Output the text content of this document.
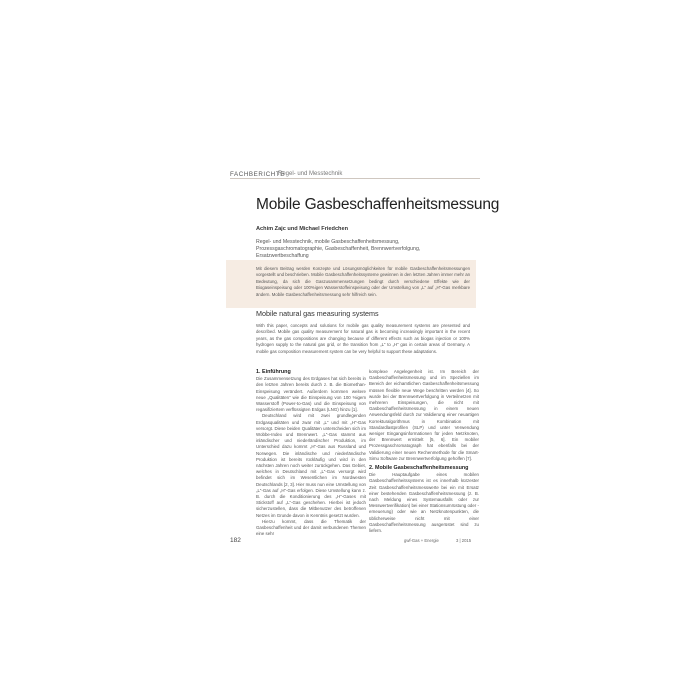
FACHBERICHTE
Regel- und Messtechnik
Mobile Gasbeschaffenheitsmessung
Achim Zajc und Michael Friedchen
Regel- und Messtechnik, mobile Gasbeschaffenheitsmessung, Prozessgaschromatographie, Gasbeschaffenheit, Brennwertverfolgung, Ersatzwertbeschaffung
Mit diesem Beitrag werden Konzepte und Lösungsmöglichkeiten für mobile Gasbeschaffenheitsmessungen vorgestellt und beschrieben. Mobile Gasbeschaffenheitssysteme gewinnen in den letzten Jahren immer mehr an Bedeutung, da sich die Gaszusammensetzungen bedingt durch verschiedene Effekte wie der Biogaseinspeisung oder 100%igen Wasserstoffeinspeisung oder der Umstellung von „L“ auf „H“-Gas merkbare ändern. Mobile Gasbeschaffenheitsmessung sehr hilfreich sein.
Mobile natural gas measuring systems
With this paper, concepts and solutions for mobile gas quality measurement systems are presented and described. Mobile gas quality measurement for natural gas is becoming increasingly important in the recent years, as the gas compositions are changing because of different effects such as biogas injection or 100% hydrogen supply to the natural gas grid, or the transition from „L“ to „H“ gas in certain areas of Germany. A mobile gas composition measurement system can be very helpful to support these adaptations.
1. Einführung

Die Zusammensetzung des Erdgases hat sich bereits in den letzten Jahren bereits durch z. B. die Biomethan-Einspeisung verändert. Außerdem kommen weitere neue „Qualitäten“ wie die Einspeisung von 100 %igem Wasserstoff (Power-to-Gas) und die Einspeisung von regasifiziertem verflüssigten Erdgas (LNG) hinzu [1].

Deutschland wird mit zwei grundlegenden Erdgasqualitäten und zwar mit „L“ und mit „H“-Gas versorgt. Diese beiden Qualitäten unterscheiden sich im Wobbe-Index und Brennwert. „L“-Gas stammt aus inländischer und niederländischer Produktion, im Unterschied dazu kommt „H“-Gas aus Russland und Norwegen. Die inländische und niederländische Produktion ist bereits rückläufig und wird in den nächsten Jahren noch weiter zurückgehen. Das Gebiet, welches in Deutschland mit „L“-Gas versorgt wird befindet sich im Wesentlichen im Nordwesten Deutschlands [2, 3]. Hier muss nun eine Umstellung von „L“-Gas auf „H“-Gas erfolgen. Diese Umstellung kann z. B. durch die Konditionierung des „H“-Gases mit Stickstoff auf „L“-Gas geschehen. Hierbei ist jedoch sicherzustellen, dass die Mitbenutzer des betroffenen Netzes im Grunde davon in Kenntnis gesetzt wurden.

Hierzu kommt, dass die Thematik der Gasbeschaffenheit und der damit verbundenen Themen eine sehr

komplexe Angelegenheit ist. Im Bereich der Gasbeschaffenheitsmessung und im Speziellen im Bereich der eichamtlichen Gasbeschaffenheitsmessung müssen flexible neue Wege beschritten werden [4]. So wurde bei der Brennwertverfolgung in Verteilnetzen mit mehreren Einspeisungen, die nicht mit Gasbeschaffenheitsmessung in einem neuen Anwendungsfeld durch zur Validierung einer neuartigen Korrekturalgorithmus in Kombination mit Standardlastprofilen (SLP) und unter Verwendung weniger Eingangsinformationen für jeden Netzknoten, der Brennwert ermittelt [5, 6]. Ein mobiler Prozessgaschromatograph hat ebenfalls bei der Validierung einer neuen Rechenmethode für die Smart-Simu Software zur Brennwertverfolgung geholfen [7].

2. Mobile Gasbeschaffenheitsmessung

Die Hauptaufgabe eines mobilen Gasbeschaffenheitssystems ist es innerhalb kürzester Zeit Gasbeschaffenheitsmesswerte bei ein mit Ersatz einer bestehenden Gasbeschaffenheitsmessung (z. B. nach Meldung eines Systemausfalls oder zur Messwertverifikation) bei einer Stationsumrüstung oder -erneuerung) oder wie an Netzknotenpunkten, die üblicherweise nicht mit einer Gasbeschaffenheitsmessung ausgerüstet sind zu liefern.

182	gwf-Gas + Energie	3 | 2015
